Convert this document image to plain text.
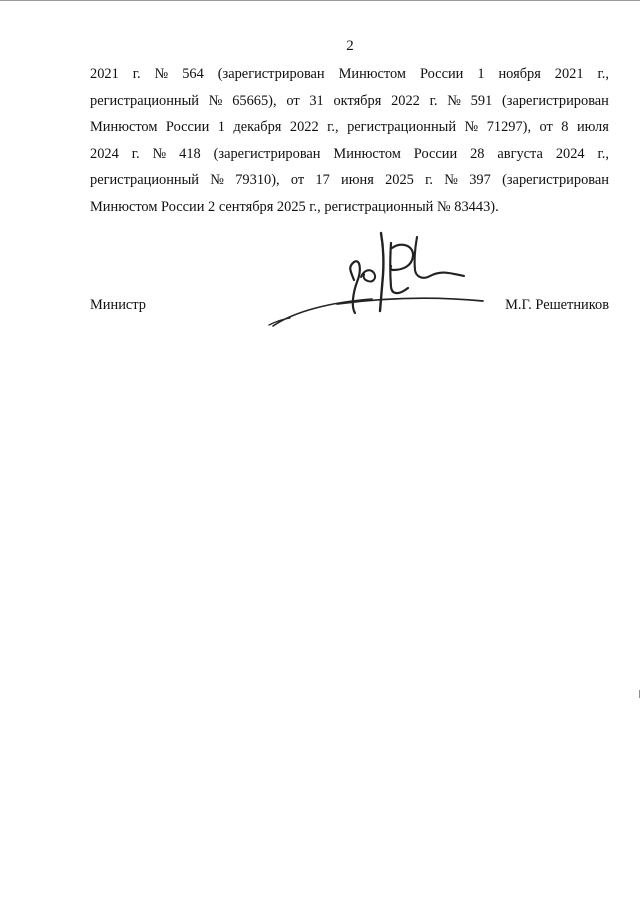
2
2021 г. № 564 (зарегистрирован Минюстом России 1 ноября 2021 г.,
регистрационный № 65665), от 31 октября 2022 г. № 591 (зарегистрирован
Минюстом России 1 декабря 2022 г., регистрационный № 71297), от 8 июля
2024 г. № 418 (зарегистрирован Минюстом России 28 августа 2024 г.,
регистрационный № 79310), от 17 июня 2025 г. № 397 (зарегистрирован
Минюстом России 2 сентября 2025 г., регистрационный № 83443).
Министр	М.Г. Решетников
